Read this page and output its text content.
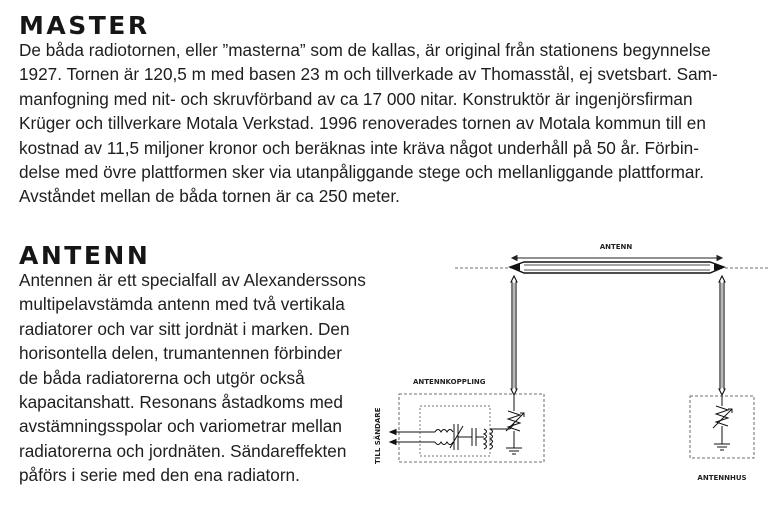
MASTER

De båda radiotornen, eller ”masterna” som de kallas, är original från stationens begynnelse
1927. Tornen är 120,5 m med basen 23 m och tillverkade av Thomasstål, ej svetsbart. Sam-
manfogning med nit- och skruvförband av ca 17 000 nitar. Konstruktör är ingenjörsfirman
Krüger och tillverkare Motala Verkstad. 1996 renoverades tornen av Motala kommun till en
kostnad av 11,5 miljoner kronor och beräknas inte kräva något underhåll på 50 år. Förbin-
delse med övre plattformen sker via utanpåliggande stege och mellanliggande plattformar.
Avståndet mellan de båda tornen är ca 250 meter.

ANTENN

Antennen är ett specialfall av Alexanderssons
multipelavstämda antenn med två vertikala
radiatorer och var sitt jordnät i marken. Den
horisontella delen, trumantennen förbinder
de båda radiatorerna och utgör också
kapacitanshatt. Resonans åstadkoms med
avstämningsspolar och variometrar mellan
radiatorerna och jordnäten. Sändareffekten
påförs i serie med den ena radiatorn.

ANTENN
ANTENNKOPPLING
TILL SÄNDARE
ANTENNHUS
